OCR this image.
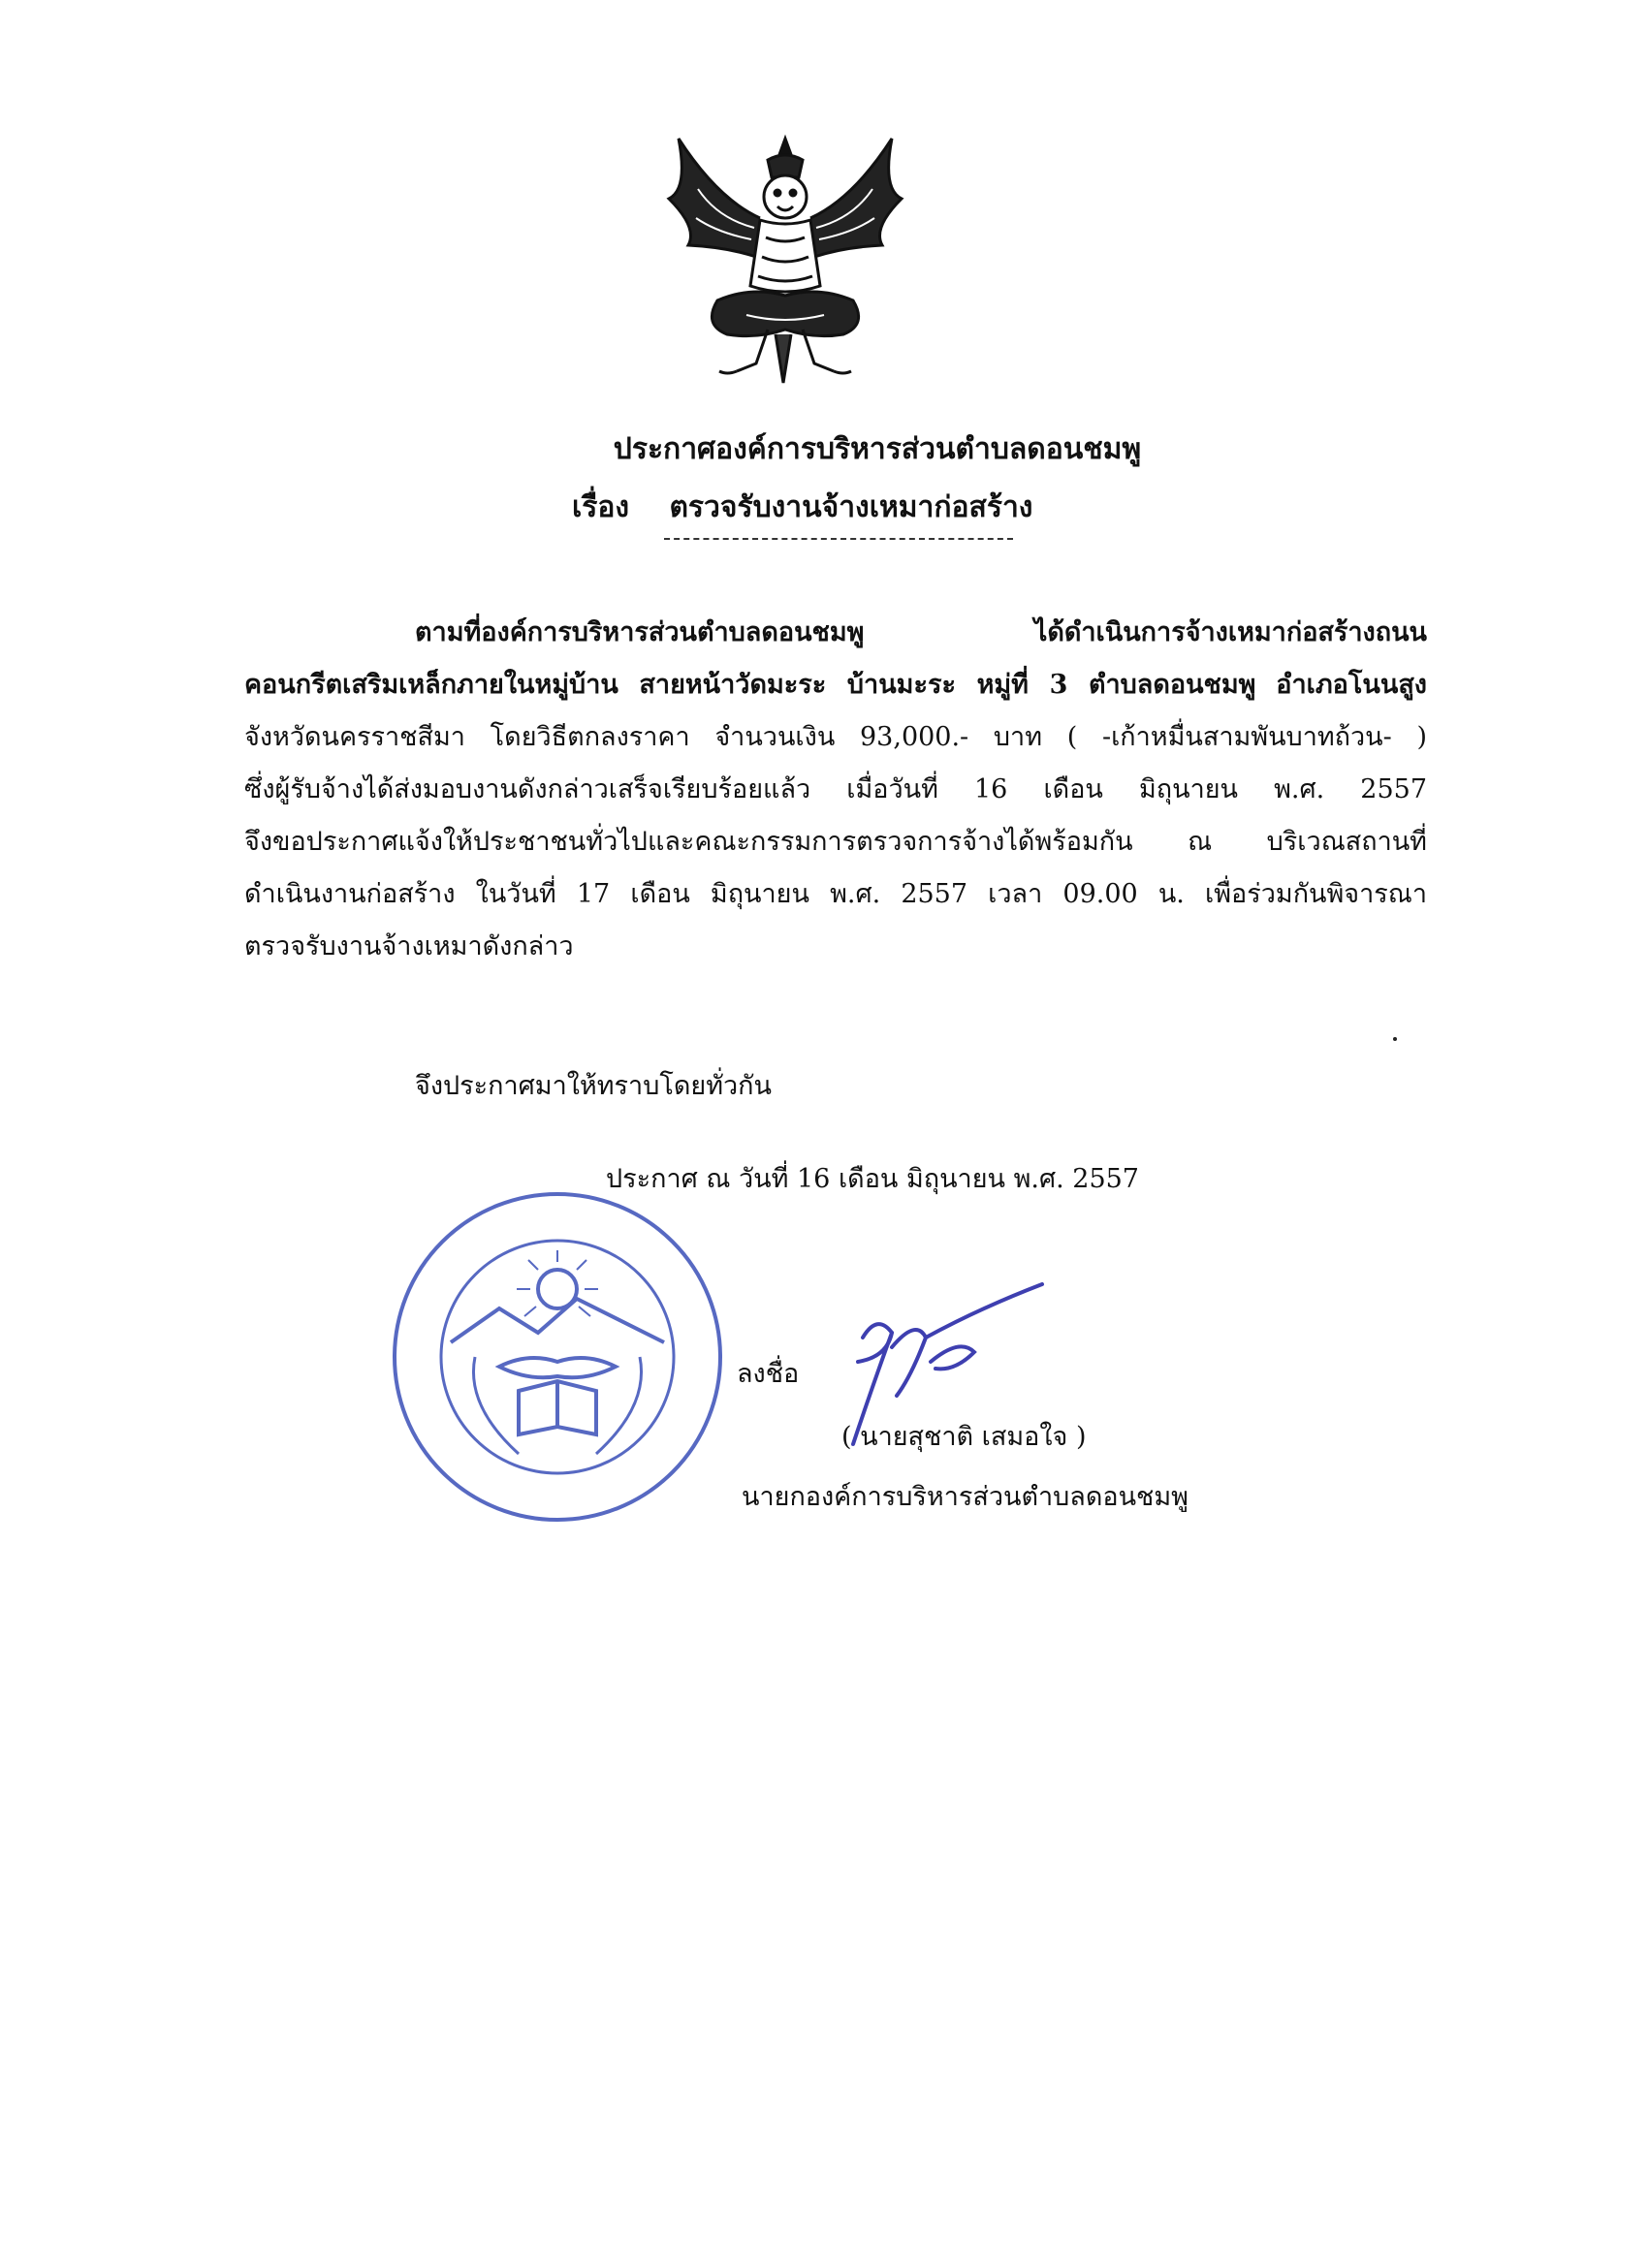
ประกาศองค์การบริหารส่วนตำบลดอนชมพู
เรื่อง ตรวจรับงานจ้างเหมาก่อสร้าง
ตามที่องค์การบริหารส่วนตำบลดอนชมพู	ได้ดำเนินการจ้างเหมาก่อสร้างถนน
คอนกรีตเสริมเหล็กภายในหมู่บ้าน สายหน้าวัดมะระ บ้านมะระ หมู่ที่ 3 ตำบลดอนชมพู อำเภอโนนสูง
จังหวัดนครราชสีมา โดยวิธีตกลงราคา จำนวนเงิน 93,000.- บาท ( -เก้าหมื่นสามพันบาทถ้วน- )
ซึ่งผู้รับจ้างได้ส่งมอบงานดังกล่าวเสร็จเรียบร้อยแล้ว เมื่อวันที่ 16 เดือน มิถุนายน พ.ศ. 2557
จึงขอประกาศแจ้งให้ประชาชนทั่วไปและคณะกรรมการตรวจการจ้างได้พร้อมกัน ณ บริเวณสถานที่
ดำเนินงานก่อสร้าง ในวันที่ 17 เดือน มิถุนายน พ.ศ. 2557 เวลา 09.00 น. เพื่อร่วมกันพิจารณา
ตรวจรับงานจ้างเหมาดังกล่าว
จึงประกาศมาให้ทราบโดยทั่วกัน
ประกาศ ณ วันที่ 16 เดือน มิถุนายน พ.ศ. 2557
ลงชื่อ
( นายสุชาติ เสมอใจ )
นายกองค์การบริหารส่วนตำบลดอนชมพู
